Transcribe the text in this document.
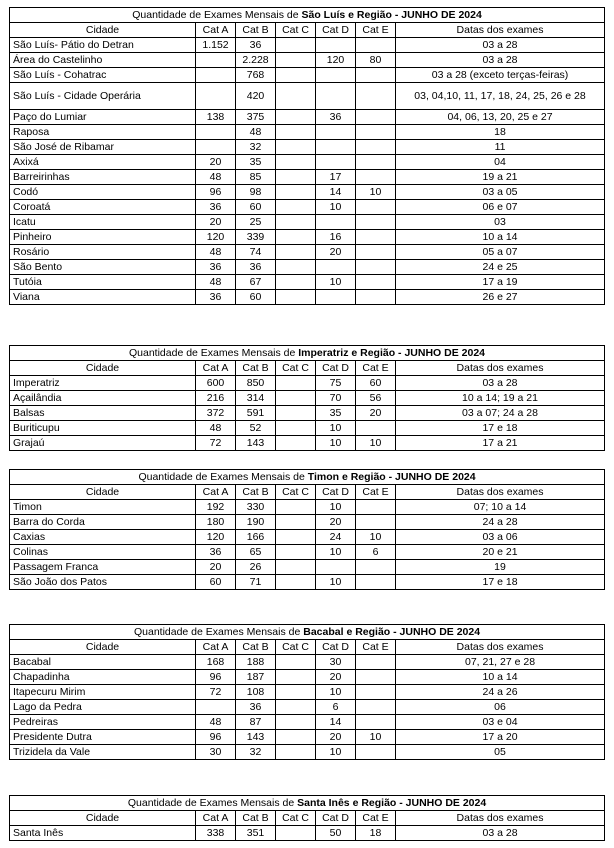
Quantidade de Exames Mensais de São Luís e Região - JUNHO DE 2024						
Cidade	Cat A	Cat B	Cat C	Cat D	Cat E	Datas dos exames
São Luís- Pátio do Detran	1.152	36				03 a 28
Área do Castelinho		2.228		120	80	03 a 28
São Luís - Cohatrac		768				03 a 28 (exceto terças-feiras)
São Luís - Cidade Operária		420				03, 04,10, 11, 17, 18, 24, 25, 26 e 28
Paço do Lumiar	138	375		36		04, 06, 13, 20, 25 e 27
Raposa		48				18
São José de Ribamar		32				11
Axixá	20	35				04
Barreirinhas	48	85		17		19 a 21
Codó	96	98		14	10	03 a 05
Coroatá	36	60		10		06 e 07
Icatu	20	25				03
Pinheiro	120	339		16		10 a 14
Rosário	48	74		20		05 a 07
São Bento	36	36				24 e 25
Tutóia	48	67		10		17 a 19
Viana	36	60				26 e 27
Quantidade de Exames Mensais de Imperatriz e Região - JUNHO DE 2024						
Cidade	Cat A	Cat B	Cat C	Cat D	Cat E	Datas dos exames
Imperatriz	600	850		75	60	03 a 28
Açailândia	216	314		70	56	10 a 14; 19 a 21
Balsas	372	591		35	20	03 a 07; 24 a 28
Buriticupu	48	52		10		17 e 18
Grajaú	72	143		10	10	17 a 21
Quantidade de Exames Mensais de Timon e Região - JUNHO DE 2024						
Cidade	Cat A	Cat B	Cat C	Cat D	Cat E	Datas dos exames
Timon	192	330		10		07; 10 a 14
Barra do Corda	180	190		20		24 a 28
Caxias	120	166		24	10	03 a 06
Colinas	36	65		10	6	20 e 21
Passagem Franca	20	26				19
São João dos Patos	60	71		10		17 e 18
Quantidade de Exames Mensais de Bacabal e Região - JUNHO DE 2024						
Cidade	Cat A	Cat B	Cat C	Cat D	Cat E	Datas dos exames
Bacabal	168	188		30		07, 21, 27 e 28
Chapadinha	96	187		20		10 a 14
Itapecuru Mirim	72	108		10		24 a 26
Lago da Pedra		36		6		06
Pedreiras	48	87		14		03 e 04
Presidente Dutra	96	143		20	10	17 a 20
Trizidela da Vale	30	32		10		05
Quantidade de Exames Mensais de Santa Inês e Região - JUNHO DE 2024						
Cidade	Cat A	Cat B	Cat C	Cat D	Cat E	Datas dos exames
Santa Inês	338	351		50	18	03 a 28
